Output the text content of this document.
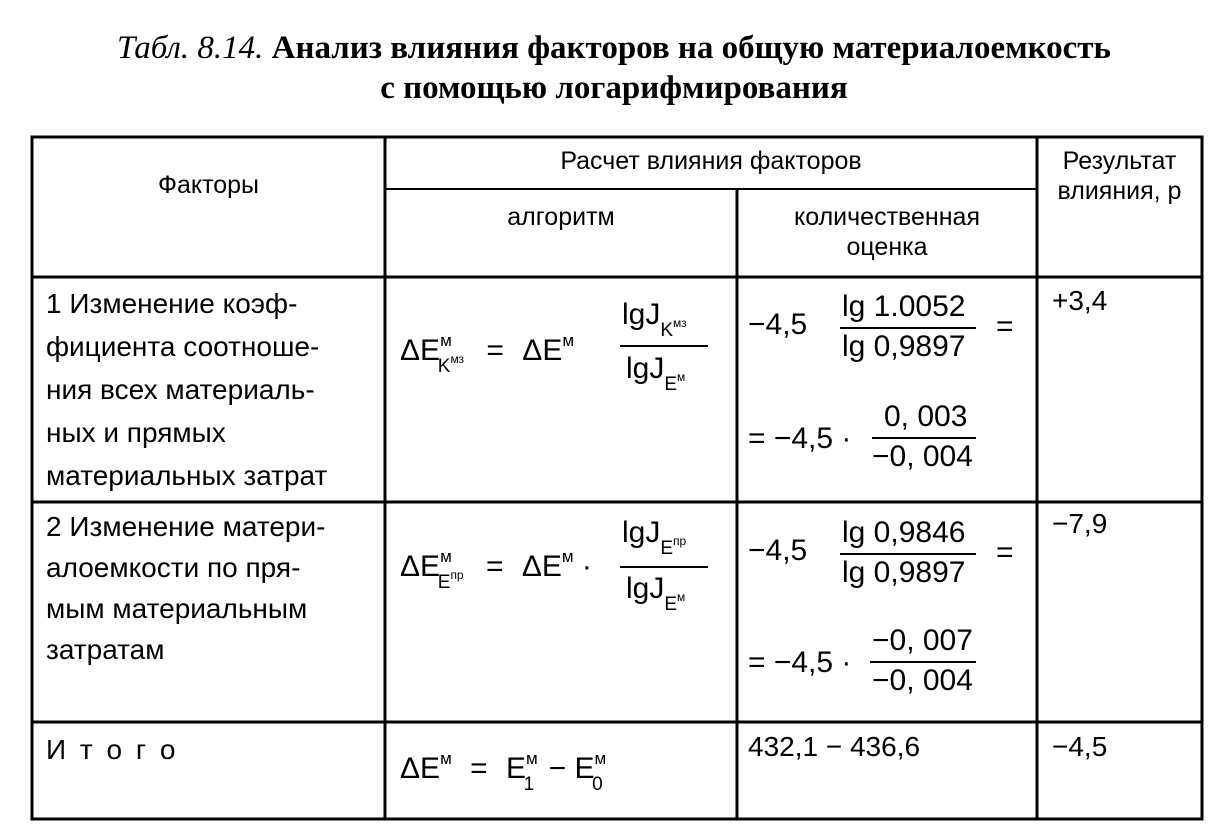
Табл. 8.14. Анализ влияния факторов на общую материалоемкость
с помощью логарифмирования
Факторы
Расчет влияния факторов
алгоритм	количественная
оценка
Результат
влияния, р
1 Изменение коэф-
фициента соотноше-
ния всех материаль-
ных и прямых
материальных затрат
$\Delta E^м_{K^{мз}} = \Delta E^м$
lgJ$_{K^{мз}}$
lgJ$_{E^м}$
−4,5
lg 1.0052
lg 0,9897
=
= −4,5 ·
0, 003
−0, 004
+3,4
2 Изменение матери-
алоемкости по пря-
мым материальным
затратам
$\Delta E^м_{E^{пр}} = \Delta E^м$ ·
lgJ$_{E^{пр}}$
lgJ$_{E^м}$
−4,5
lg 0,9846
lg 0,9897
=
= −4,5 ·
−0, 007
−0, 004
−7,9
И т о г о
$\Delta E^м = E^м_1 - E^м_0$
432,1 − 436,6	−4,5
